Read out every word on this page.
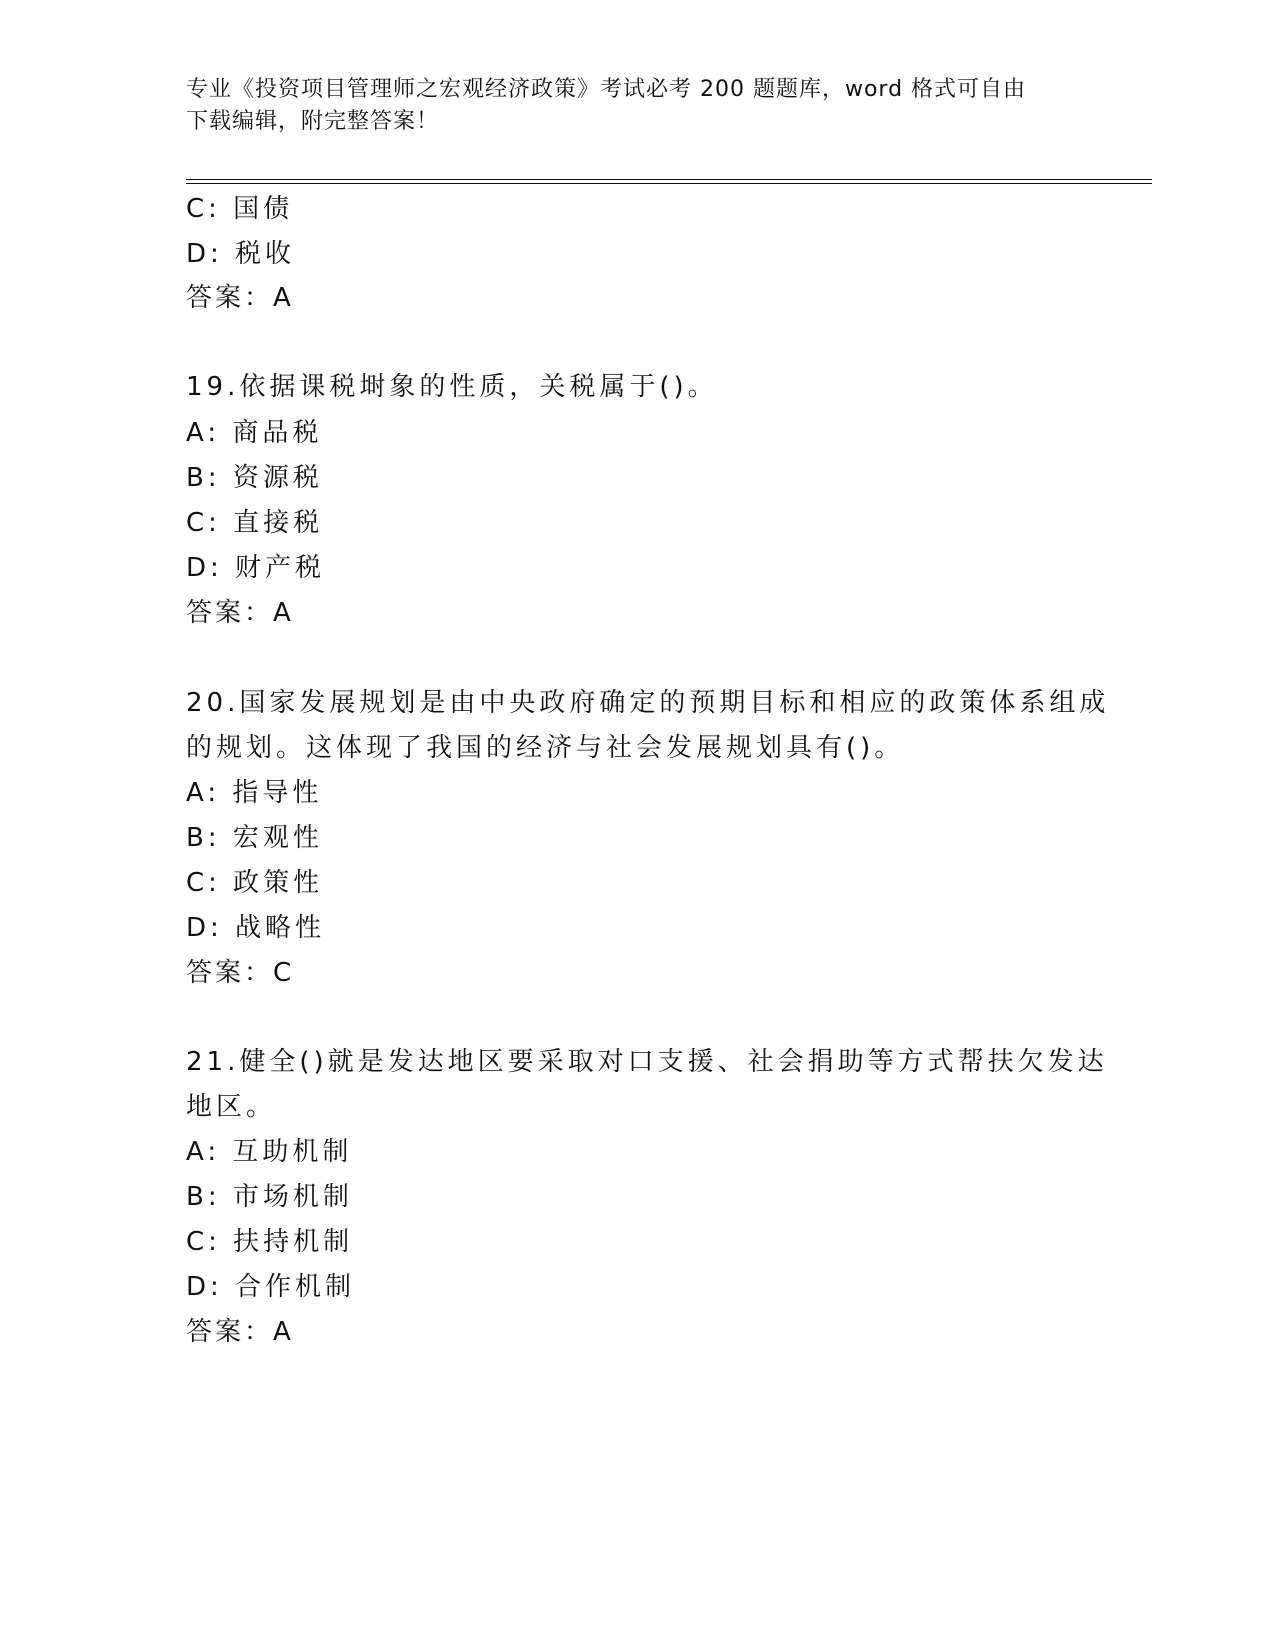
专业《投资项目管理师之宏观经济政策》考试必考 200 题题库，word 格式可自由
下载编辑，附完整答案！
C: 国债
D: 税收
答案：A
19.依据课税埘象的性质，关税属于()。
A: 商品税
B: 资源税
C: 直接税
D: 财产税
答案：A
20.国家发展规划是由中央政府确定的预期目标和相应的政策体系组成
的规划。这体现了我国的经济与社会发展规划具有()。
A: 指导性
B: 宏观性
C: 政策性
D: 战略性
答案：C
21.健全()就是发达地区要采取对口支援、社会捐助等方式帮扶欠发达
地区。
A: 互助机制
B: 市场机制
C: 扶持机制
D: 合作机制
答案：A
